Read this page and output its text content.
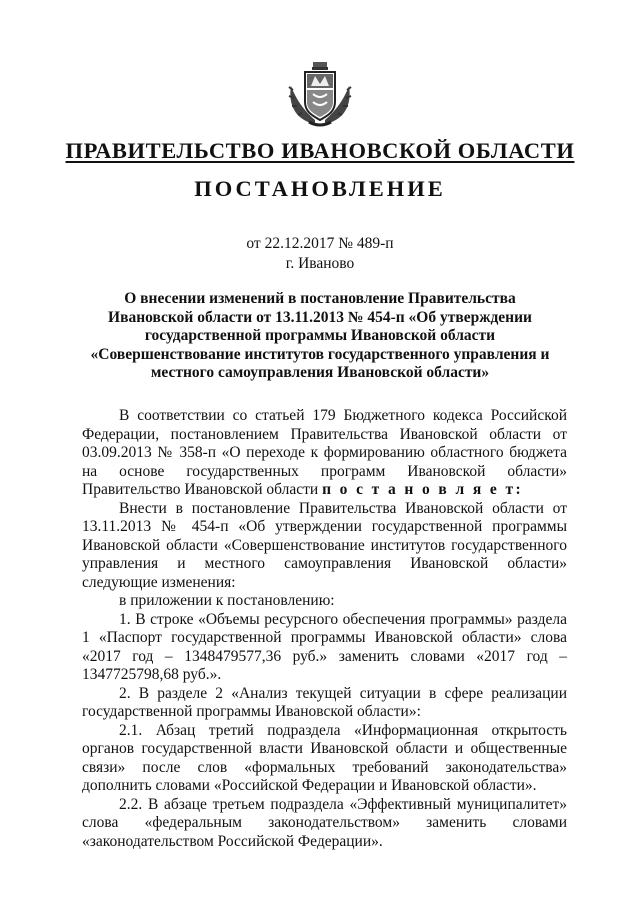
ПРАВИТЕЛЬСТВО ИВАНОВСКОЙ ОБЛАСТИ
ПОСТАНОВЛЕНИЕ
от 22.12.2017 № 489-п
г. Иваново
О внесении изменений в постановление Правительства
Ивановской области от 13.11.2013 № 454-п «Об утверждении
государственной программы Ивановской области
«Совершенствование институтов государственного управления и
местного самоуправления Ивановской области»

В соответствии со статьей 179 Бюджетного кодекса Российской Федерации, постановлением Правительства Ивановской области от 03.09.2013 № 358-п «О переходе к формированию областного бюджета на основе государственных программ Ивановской области» Правительство Ивановской области п о с т а н о в л я е т:

Внести в постановление Правительства Ивановской области от 13.11.2013 № 454-п «Об утверждении государственной программы Ивановской области «Совершенствование институтов государственного управления и местного самоуправления Ивановской области» следующие изменения:

в приложении к постановлению:

1. В строке «Объемы ресурсного обеспечения программы» раздела 1 «Паспорт государственной программы Ивановской области» слова «2017 год – 1348479577,36 руб.» заменить словами «2017 год – 1347725798,68 руб.».

2. В разделе 2 «Анализ текущей ситуации в сфере реализации государственной программы Ивановской области»:

2.1. Абзац третий подраздела «Информационная открытость органов государственной власти Ивановской области и общественные связи» после слов «формальных требований законодательства» дополнить словами «Российской Федерации и Ивановской области».

2.2. В абзаце третьем подраздела «Эффективный муниципалитет» слова «федеральным законодательством» заменить словами «законодательством Российской Федерации».
